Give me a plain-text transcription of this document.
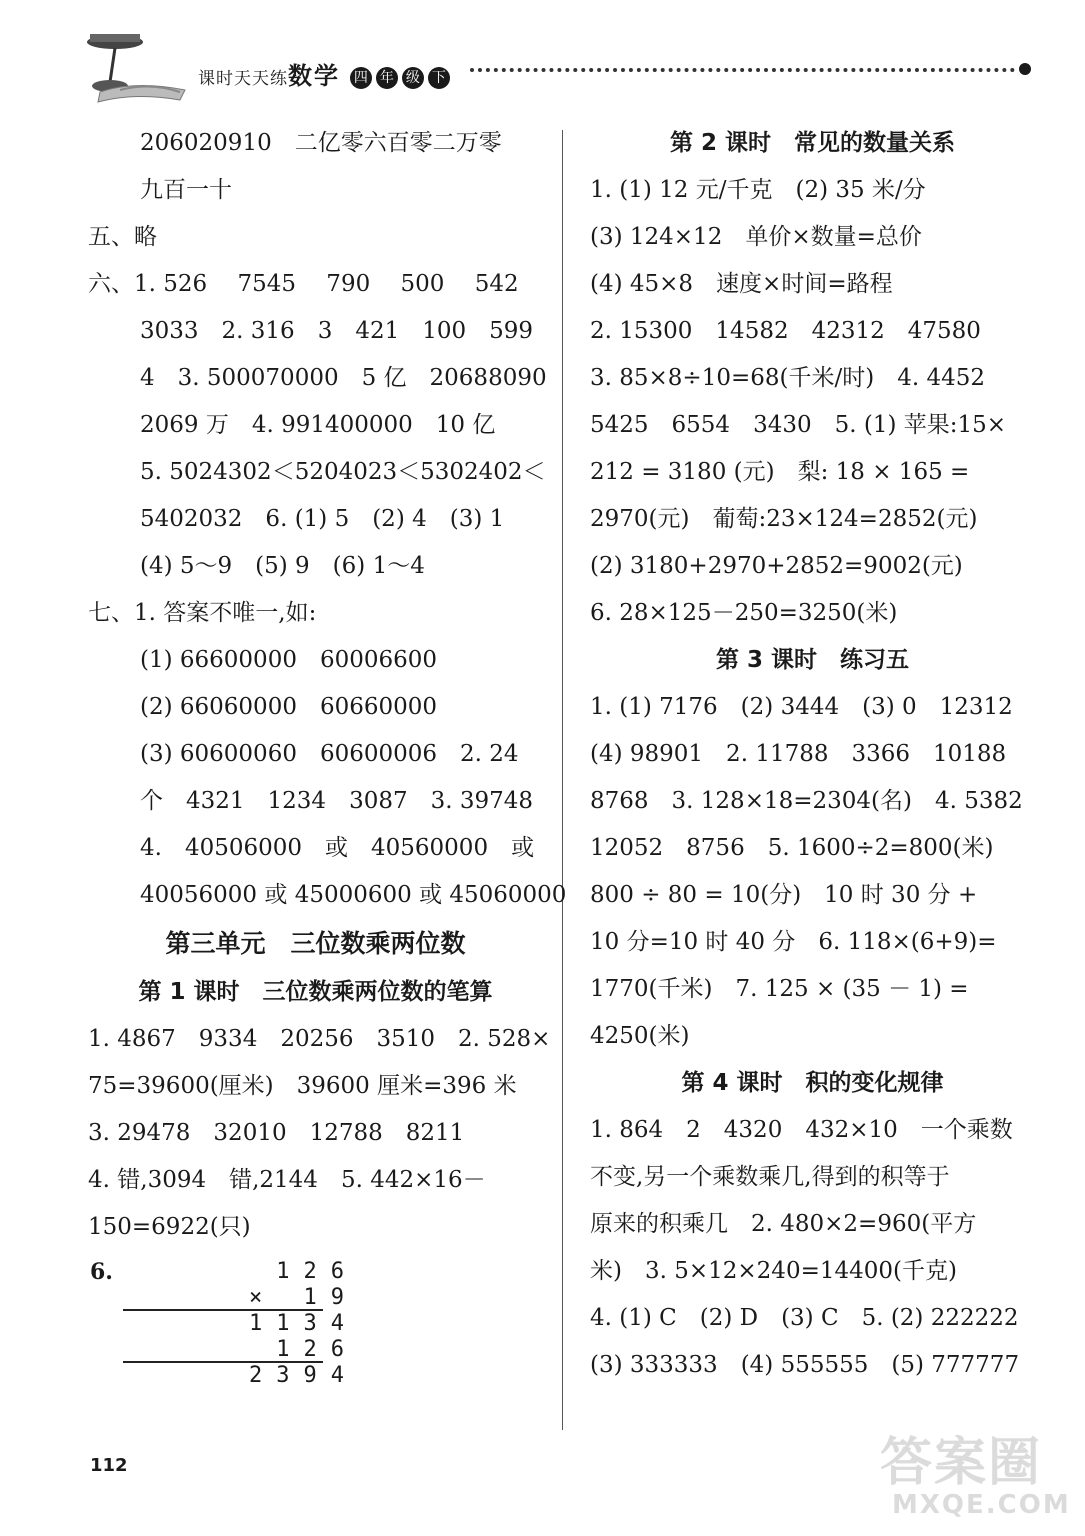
课时天天练数学 四 年 级 下
206020910　二亿零六百零二万零
九百一十
五、略
六、1. 526　 7545　 790　 500　 542
3033　2. 316　3　421　100　599
4　3. 500070000　5 亿　20688090
2069 万　4. 991400000　10 亿
5. 5024302＜5204023＜5302402＜
5402032　6. (1) 5　(2) 4　(3) 1
(4) 5～9　(5) 9　(6) 1～4
七、1. 答案不唯一,如:
(1) 66600000　60006600
(2) 66060000　60660000
(3) 60600060　60600006　2. 24
个　4321　1234　3087　3. 39748
4.　40506000　或　40560000　或
40056000 或 45000600 或 45060000
第三单元　三位数乘两位数
第 1 课时　三位数乘两位数的笔算
1. 4867　9334　20256　3510　2. 528×
75=39600(厘米)　39600 厘米=396 米
3. 29478　32010　12788　8211
4. 错,3094　错,2144　5. 442×16－
150=6922(只)
6.	126
× 19
1134
126
2394
第 2 课时　常见的数量关系
1. (1) 12 元/千克　(2) 35 米/分
(3) 124×12　单价×数量=总价
(4) 45×8　速度×时间=路程
2. 15300　14582　42312　47580
3. 85×8÷10=68(千米/时)　4. 4452
5425　6554　3430　5. (1) 苹果:15×
212 = 3180 (元)　梨: 18 × 165 =
2970(元)　葡萄:23×124=2852(元)
(2) 3180+2970+2852=9002(元)
6. 28×125－250=3250(米)
第 3 课时　练习五
1. (1) 7176　(2) 3444　(3) 0　12312
(4) 98901　2. 11788　3366　10188
8768　3. 128×18=2304(名)　4. 5382
12052　8756　5. 1600÷2=800(米)
800 ÷ 80 = 10(分)　10 时 30 分 +
10 分=10 时 40 分　6. 118×(6+9)=
1770(千米)　7. 125 × (35 － 1) =
4250(米)
第 4 课时　积的变化规律
1. 864　2　4320　432×10　一个乘数
不变,另一个乘数乘几,得到的积等于
原来的积乘几　2. 480×2=960(平方
米)　3. 5×12×240=14400(千克)
4. (1) C　(2) D　(3) C　5. (2) 222222
(3) 333333　(4) 555555　(5) 777777
112	答案圈
MXQE.COM
